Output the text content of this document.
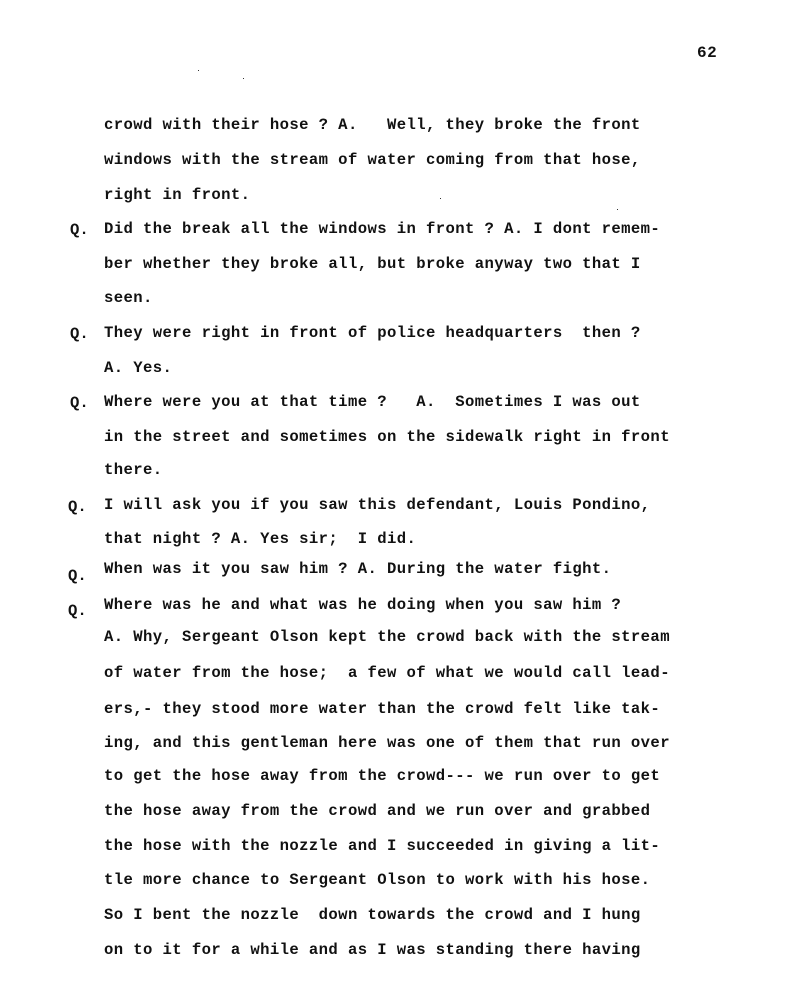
62
crowd with their hose ? A.   Well, they broke the front
windows with the stream of water coming from that hose,
right in front.
Q. Did the break all the windows in front ? A. I dont remem-
ber whether they broke all, but broke anyway two that I
seen.
Q. They were right in front of police headquarters  then ?
A. Yes.
Q. Where were you at that time ?   A.  Sometimes I was out
in the street and sometimes on the sidewalk right in front
there.
Q. I will ask you if you saw this defendant, Louis Pondino,
that night ? A. Yes sir;  I did.
Q. When was it you saw him ? A. During the water fight.
Q. Where was he and what was he doing when you saw him ?
A. Why, Sergeant Olson kept the crowd back with the stream
of water from the hose;  a few of what we would call lead-
ers,- they stood more water than the crowd felt like tak-
ing, and this gentleman here was one of them that run over
to get the hose away from the crowd--- we run over to get
the hose away from the crowd and we run over and grabbed
the hose with the nozzle and I succeeded in giving a lit-
tle more chance to Sergeant Olson to work with his hose.
So I bent the nozzle  down towards the crowd and I hung
on to it for a while and as I was standing there having
